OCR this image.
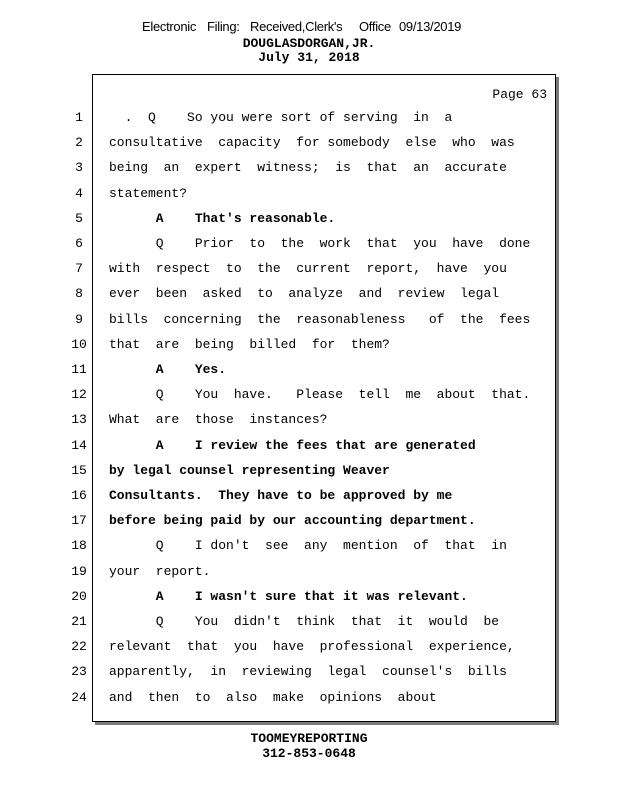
Electronic

Filing:

Received,Clerk's

Office

09/13/2019

DOUGLASDORGAN,JR.
July 31, 2018
Page 63
1	.  Q    So you were sort of serving  in  a
2	consultative  capacity  for somebody  else  who  was
3	being  an  expert  witness;  is  that  an  accurate
4	statement?
5	A    That's reasonable.
6	Q    Prior  to  the  work  that  you  have  done
7	with  respect  to  the  current  report,  have  you
8	ever  been  asked  to  analyze  and  review  legal
9	bills  concerning  the  reasonableness   of  the  fees
10	that  are  being  billed  for  them?
11	A    Yes.
12	Q    You  have.   Please  tell  me  about  that.
13	What  are  those  instances?
14	A    I review the fees that are generated
15	by legal counsel representing Weaver
16	Consultants.  They have to be approved by me
17	before being paid by our accounting department.
18	Q    I don't  see  any  mention  of  that  in
19	your  report.
20	A    I wasn't sure that it was relevant.
21	Q    You  didn't  think  that  it  would  be
22	relevant  that  you  have  professional  experience,
23	apparently,  in  reviewing  legal  counsel's  bills
24	and  then  to  also  make  opinions  about
TOOMEYREPORTING
312-853-0648
